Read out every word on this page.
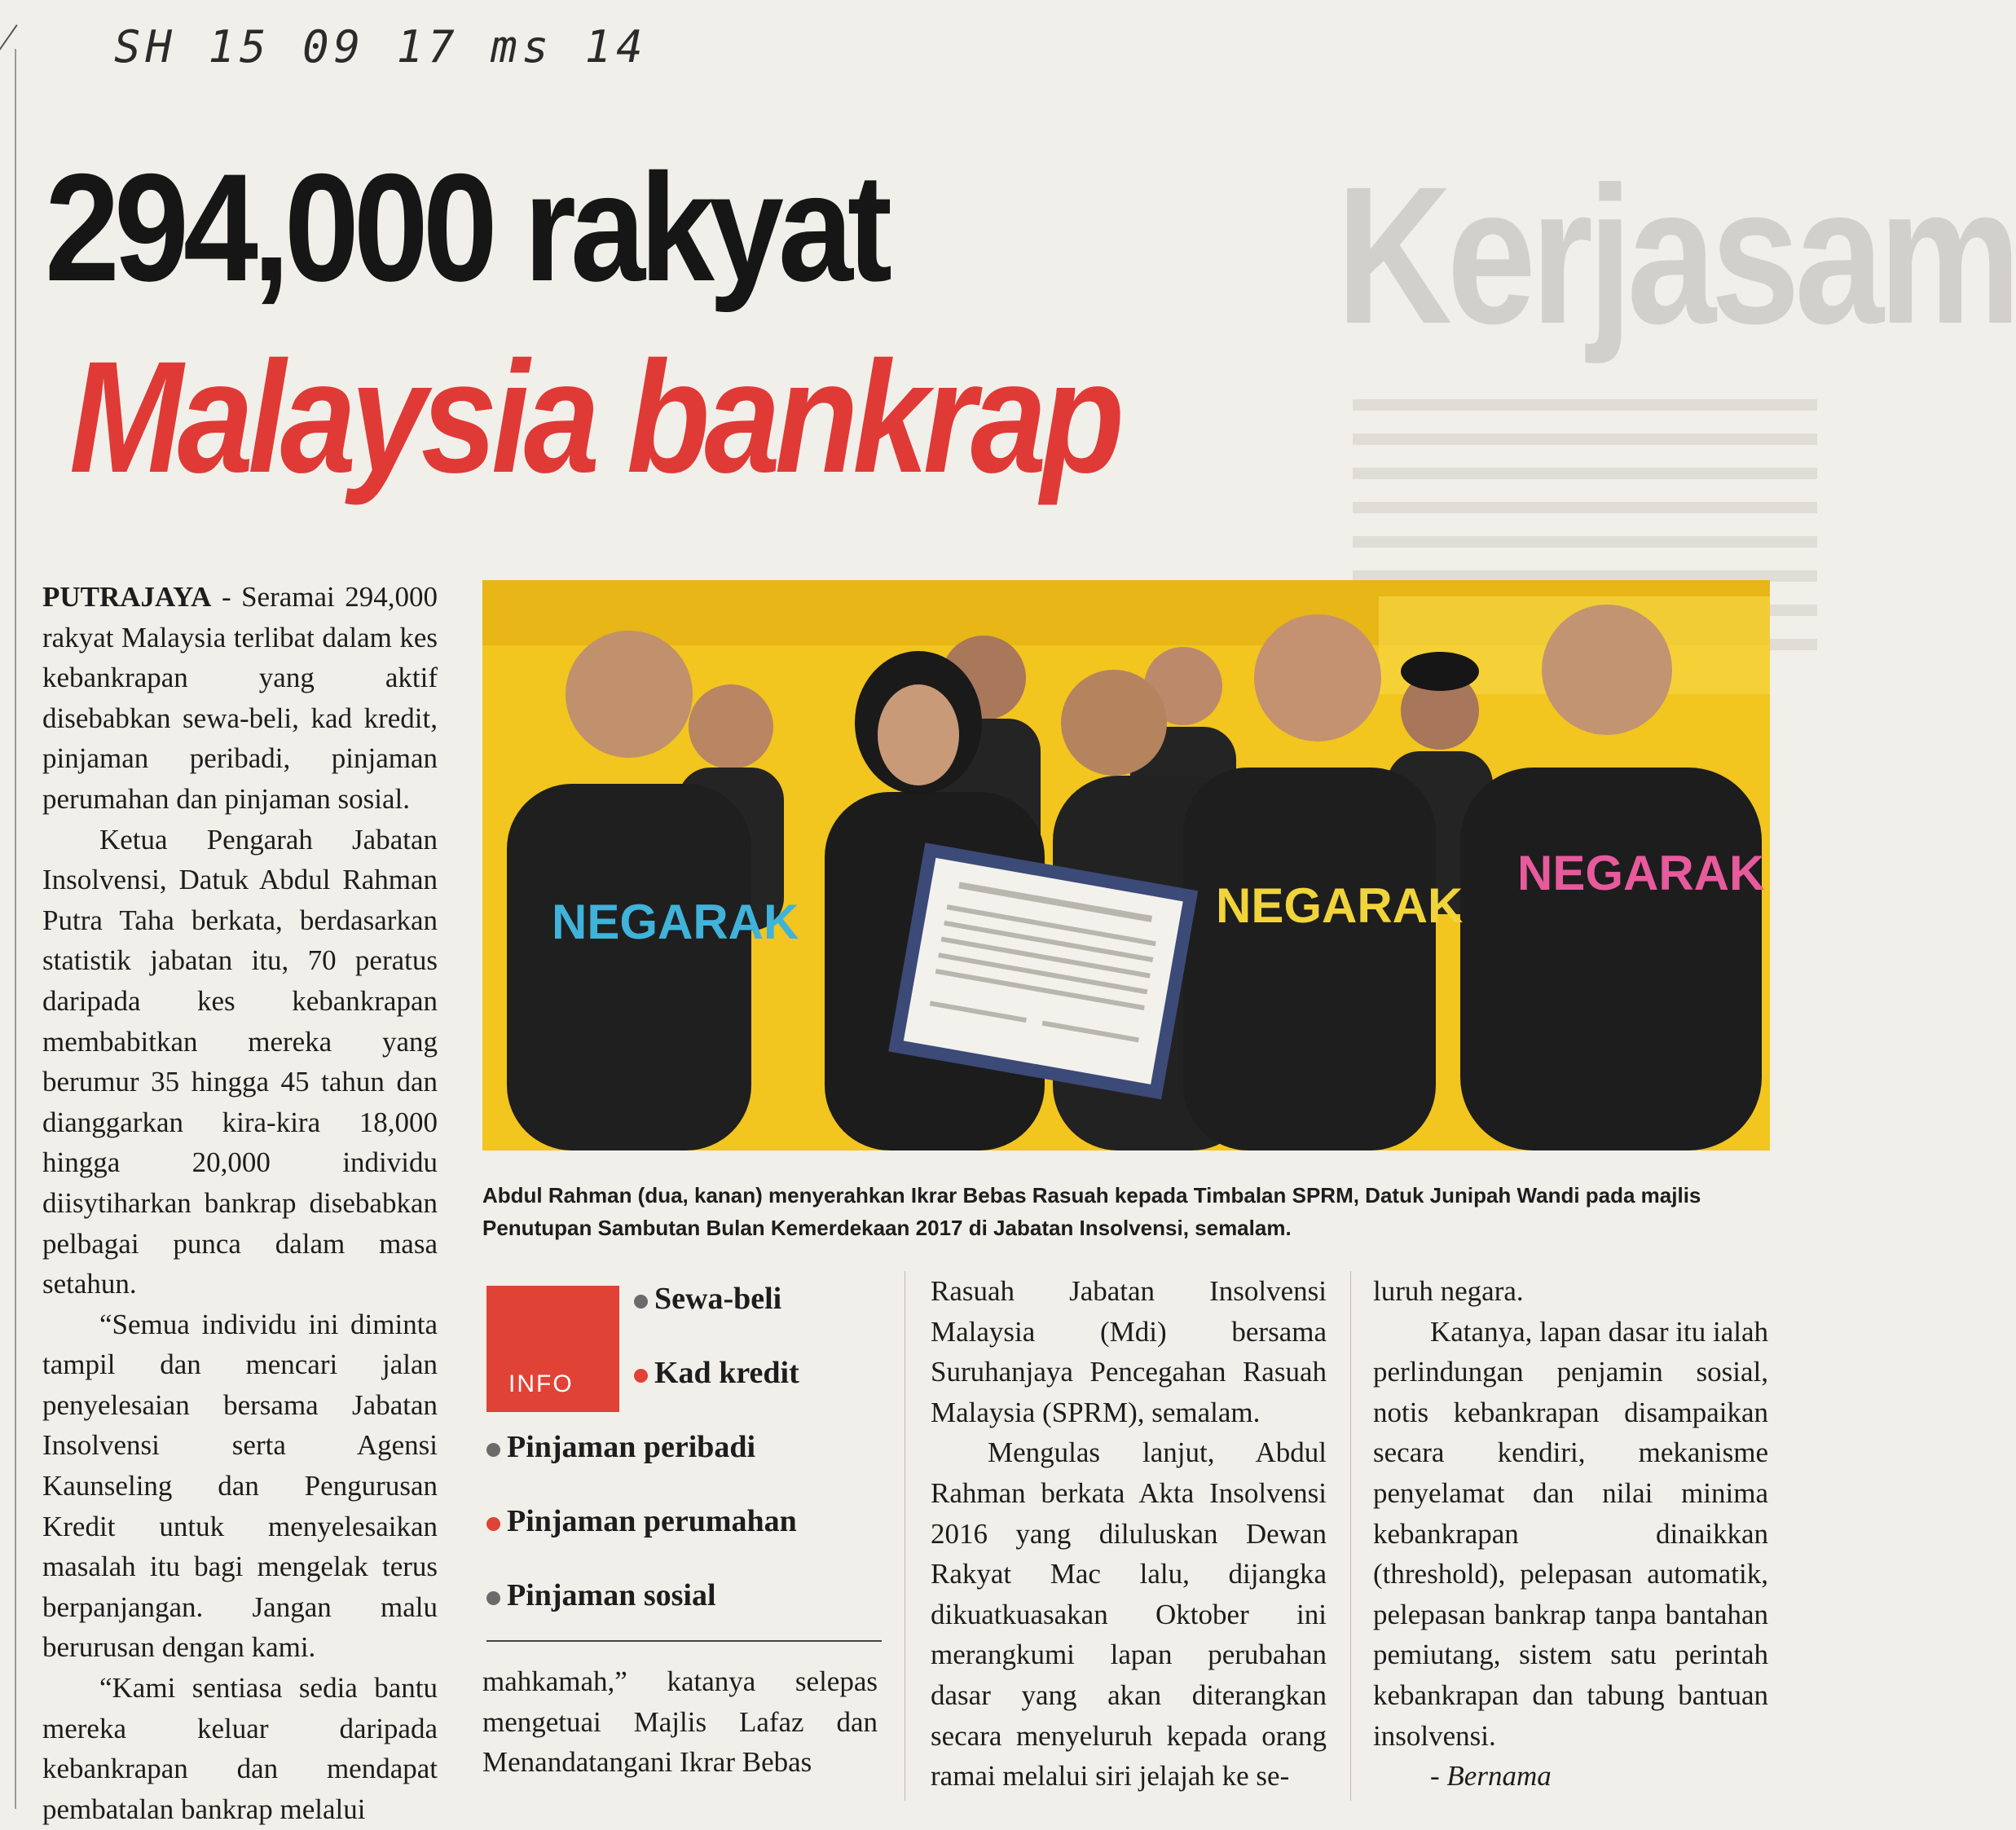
SH 15 09 17 ms 14
Kerjasam
294,000 rakyat
Malaysia bankrap

PUTRAJAYA - Seramai 294,000 rakyat Malaysia terlibat dalam kes kebankrapan yang aktif disebabkan sewa-beli, kad kredit, pinjaman peribadi, pinjaman perumahan dan pinjaman sosial.

Ketua Pengarah Jabatan Insolvensi, Datuk Abdul Rahman Putra Taha berkata, berdasarkan statistik jabatan itu, 70 peratus daripada kes kebankrapan membabitkan mereka yang berumur 35 hingga 45 tahun dan dianggarkan kira-kira 18,000 hingga 20,000 individu diisytiharkan bankrap disebabkan pelbagai punca dalam masa setahun.

“Semua individu ini diminta tampil dan mencari jalan penyelesaian bersama Jabatan Insolvensi serta Agensi Kaunseling dan Pengurusan Kredit untuk menyelesaikan masalah itu bagi mengelak terus berpanjangan. Jangan malu berurusan dengan kami.

“Kami sentiasa sedia bantu mereka keluar daripada kebankrapan dan mendapat pembatalan bankrap melalui

NEGARAK
NEGARAK
NEGARAK
Abdul Rahman (dua, kanan) menyerahkan Ikrar Bebas Rasuah kepada Timbalan SPRM, Datuk Junipah Wandi pada majlis Penutupan Sambutan Bulan Kemerdekaan 2017 di Jabatan Insolvensi, semalam.
INFO
Sewa-beli
Kad kredit
Pinjaman peribadi
Pinjaman perumahan
Pinjaman sosial

mahkamah,” katanya selepas mengetuai Majlis Lafaz dan Menandatangani Ikrar Bebas

Rasuah Jabatan Insolvensi Malaysia (Mdi) bersama Suruhanjaya Pencegahan Rasuah Malaysia (SPRM), semalam.

Mengulas lanjut, Abdul Rahman berkata Akta Insolvensi 2016 yang diluluskan Dewan Rakyat Mac lalu, dijangka dikuatkuasakan Oktober ini merangkumi lapan perubahan dasar yang akan diterangkan secara menyeluruh kepada orang ramai melalui siri jelajah ke se-

luruh negara.

Katanya, lapan dasar itu ialah perlindungan penjamin sosial, notis kebankrapan disampaikan secara kendiri, mekanisme penyelamat dan nilai minima kebankrapan dinaikkan (threshold), pelepasan automatik, pelepasan bankrap tanpa bantahan pemiutang, sistem satu perintah kebankrapan dan tabung bantuan insolvensi.

- Bernama
